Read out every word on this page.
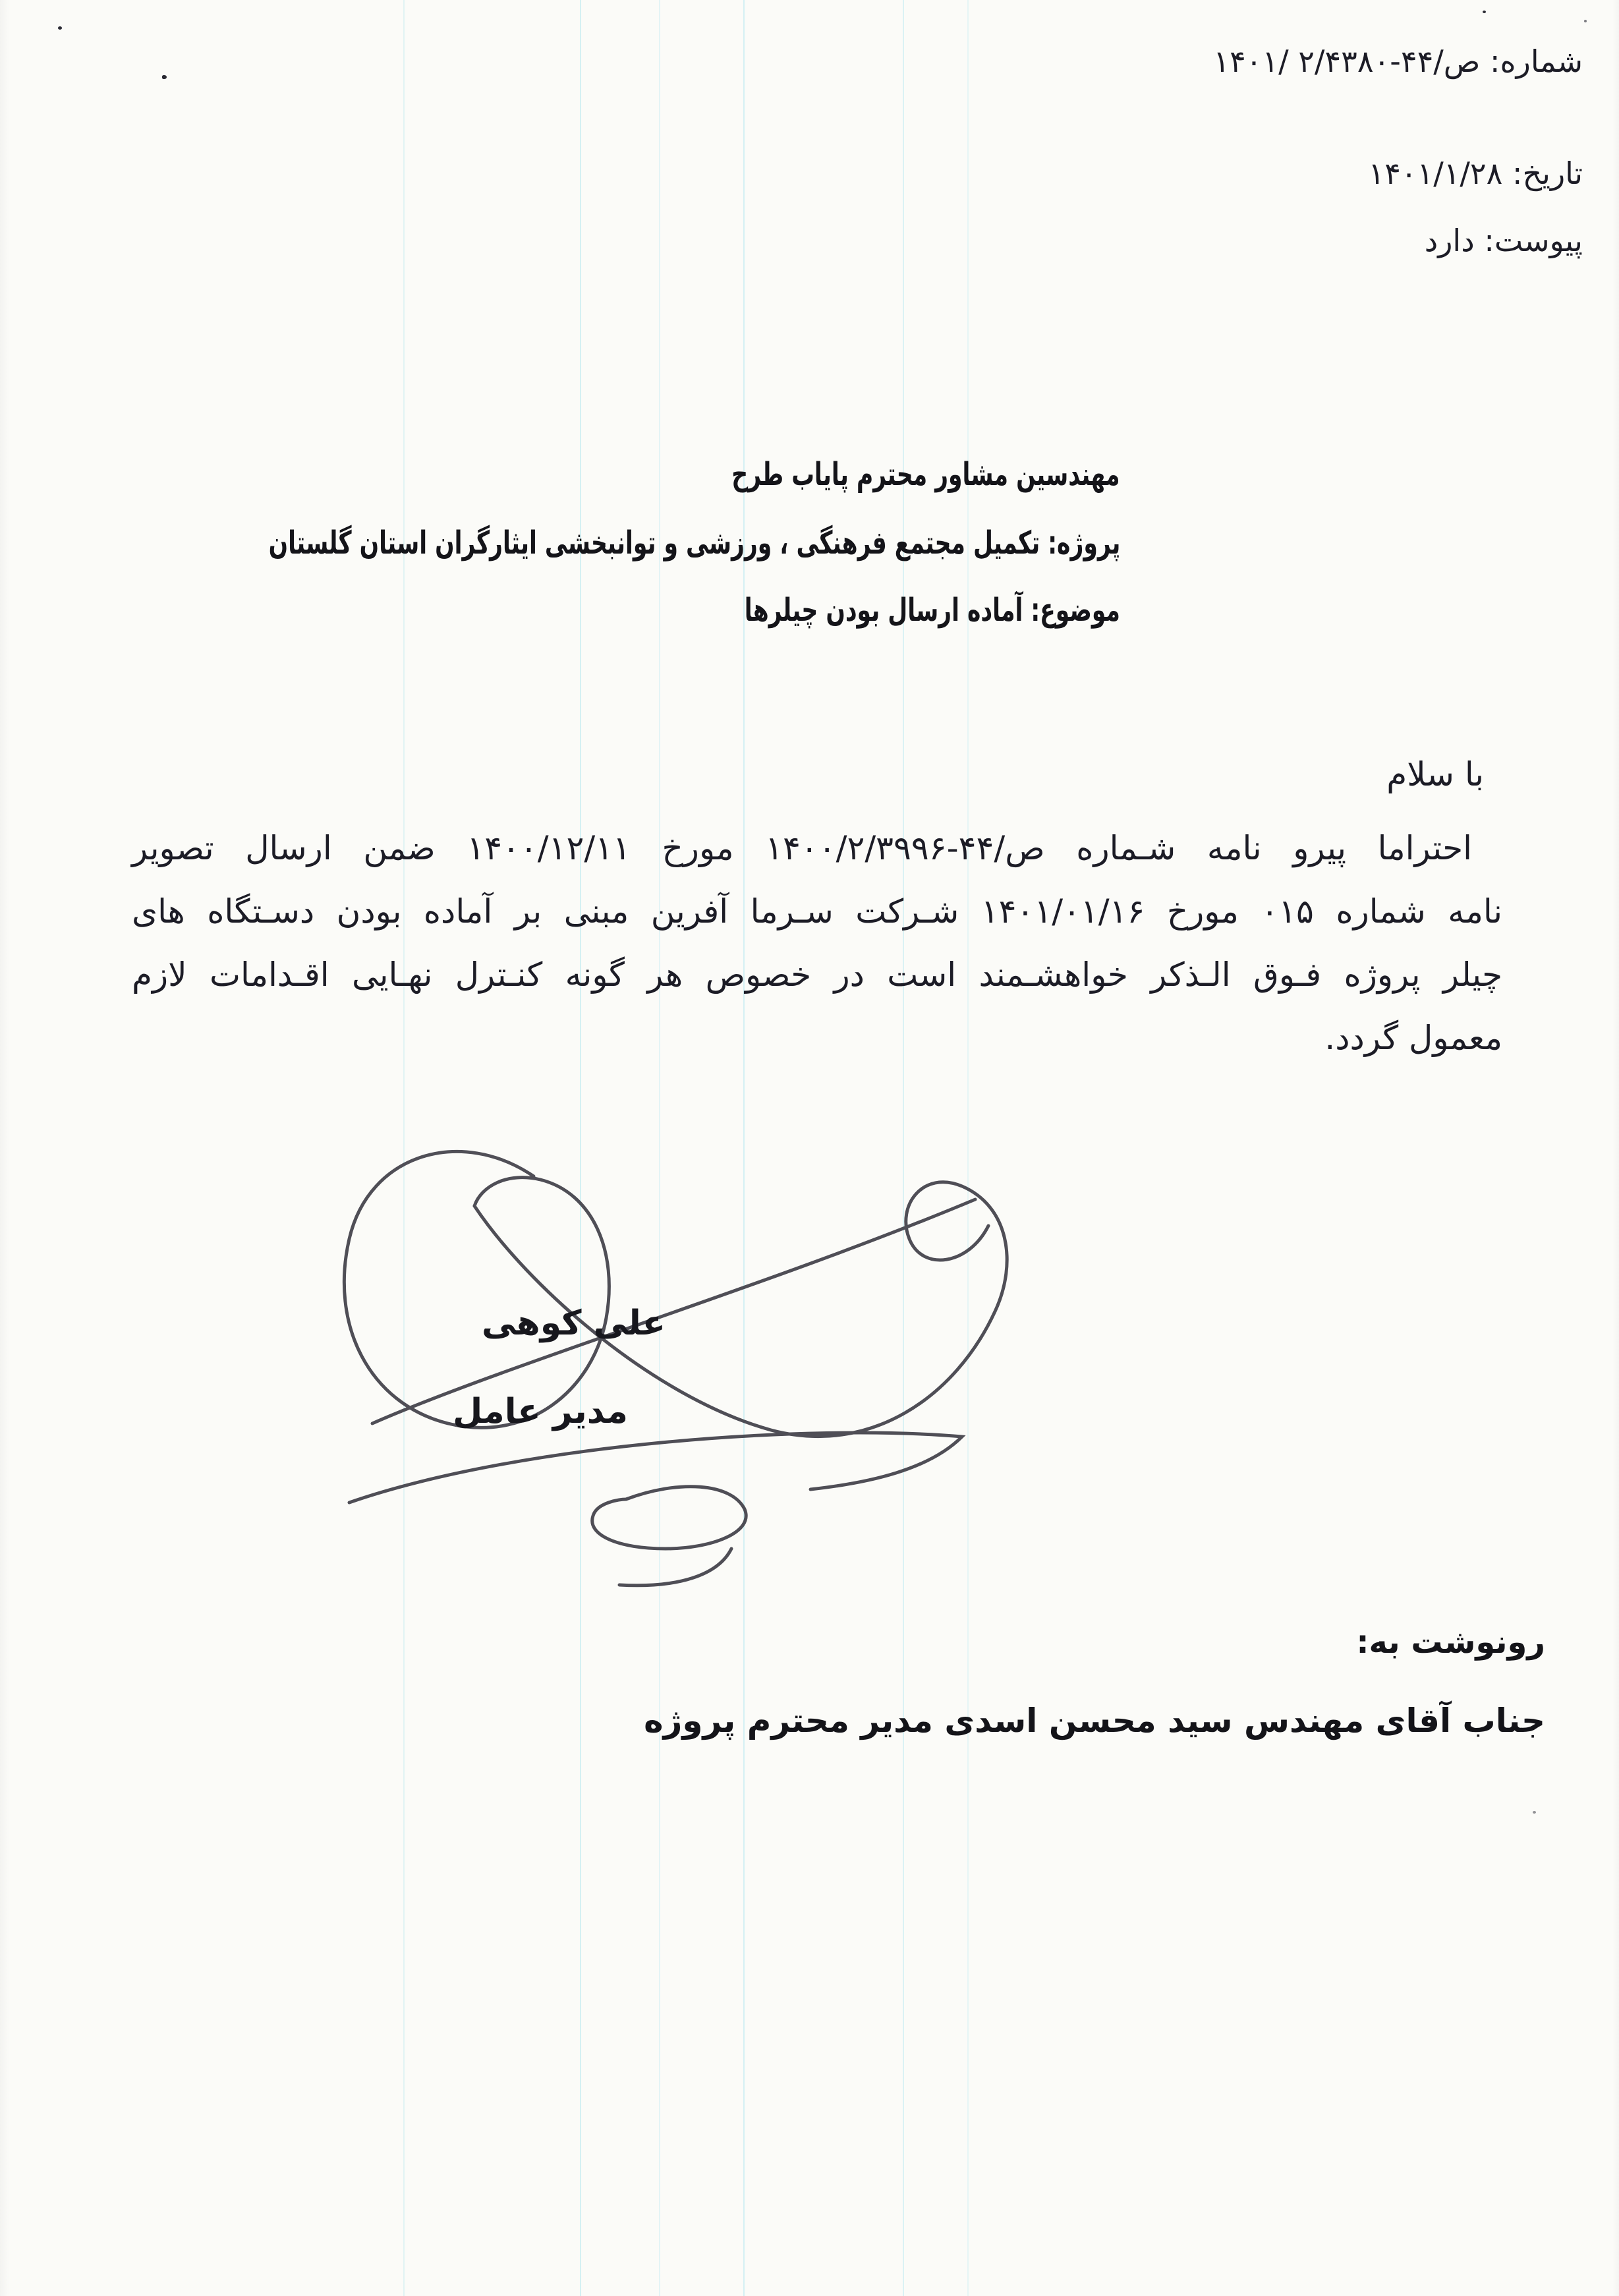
شماره: ۱۴۰۱/ ص/۴۴-۲/۴۳۸۰
تاریخ: ۱۴۰۱/۱/۲۸
پیوست: دارد
مهندسین مشاور محترم پایاب طرح
پروژه: تکمیل مجتمع فرهنگی ، ورزشی و توانبخشی ایثارگران استان گلستان
موضوع: آماده ارسال بودن چیلرها
با سلام
احتراما پیرو نامه شـماره ۱۴۰۰/ص/۴۴-۲/۳۹۹۶ مورخ ۱۴۰۰/۱۲/۱۱ ضمن ارسال تصویر
نامه شماره ۰۱۵ مورخ ۱۴۰۱/۰۱/۱۶ شـرکت سـرما آفرین مبنی بر آماده بودن دسـتگاه های
چیلر پروژه فـوق الـذکر خواهشـمند است در خصوص هر گونه کنـترل نهـایی اقـدامات لازم
معمول گردد.
علی کوهی
مدیر عامل
رونوشت به:
جناب آقای مهندس سید محسن اسدی مدیر محترم پروژه
